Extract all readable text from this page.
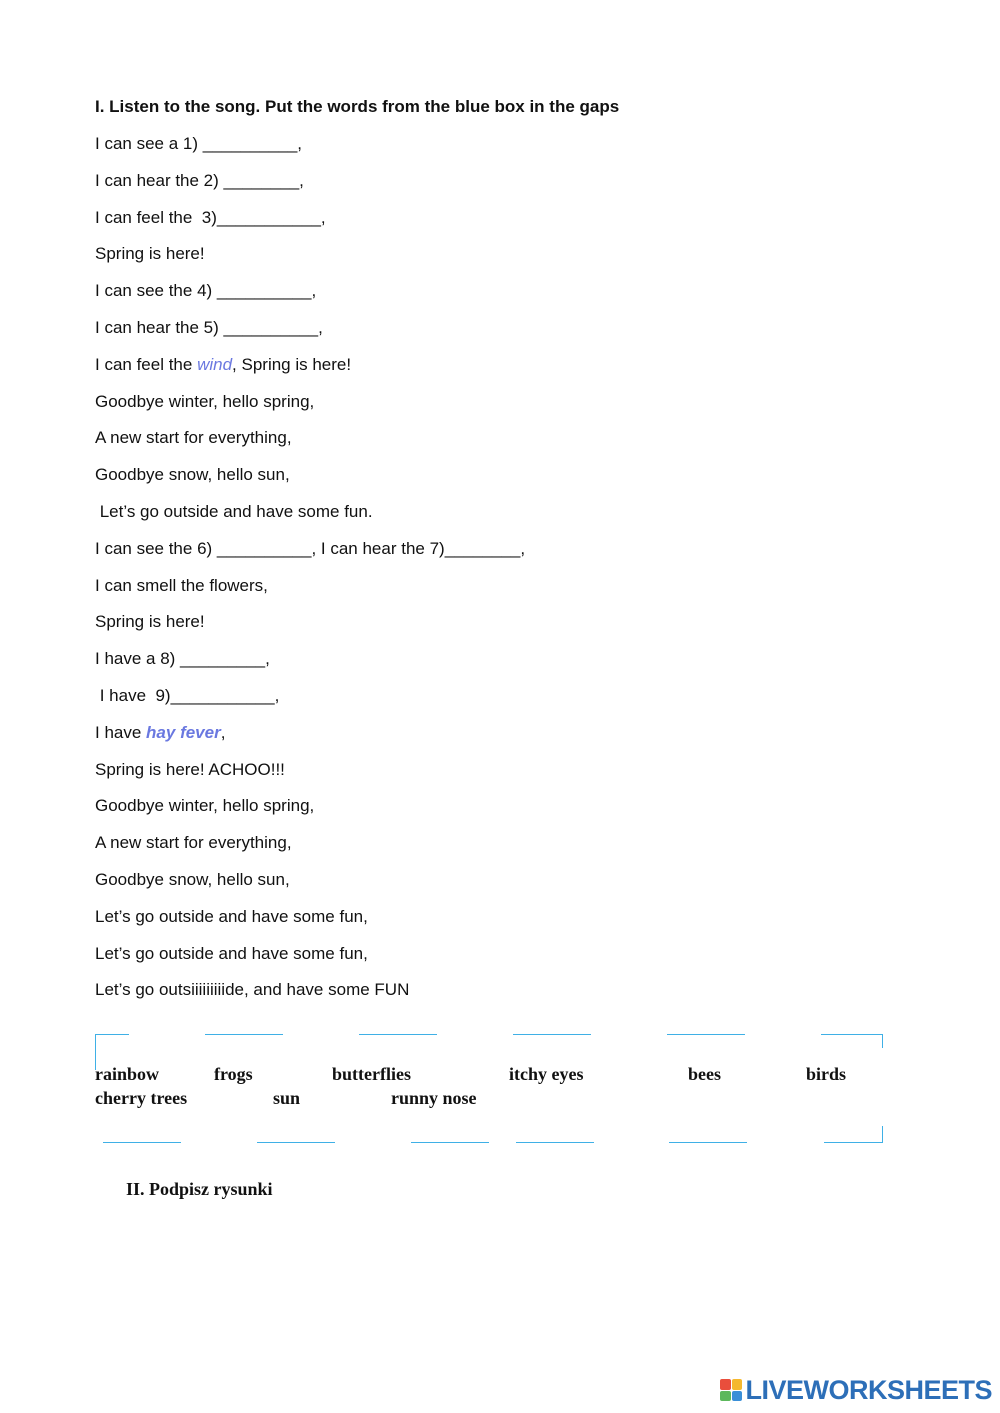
I. Listen to the song. Put the words from the blue box in the gaps
I can see a 1) __________,
I can hear the 2) ________,
I can feel the  3)___________,
Spring is here!
I can see the 4) __________,
I can hear the 5) __________,
I can feel the wind, Spring is here!
Goodbye winter, hello spring,
A new start for everything,
Goodbye snow, hello sun,
Let’s go outside and have some fun.
I can see the 6) __________, I can hear the 7)________,
I can smell the flowers,
Spring is here!
I have a 8) _________,
I have  9)___________,
I have hay fever,
Spring is here! ACHOO!!!
Goodbye winter, hello spring,
A new start for everything,
Goodbye snow, hello sun,
Let’s go outside and have some fun,
Let’s go outside and have some fun,
Let’s go outsiiiiiiiiide, and have some FUN
rainbow	frogs	butterflies	itchy eyes	bees	birds
cherry trees	sun	runny nose
II. Podpisz rysunki
LIVEWORKSHEETS
